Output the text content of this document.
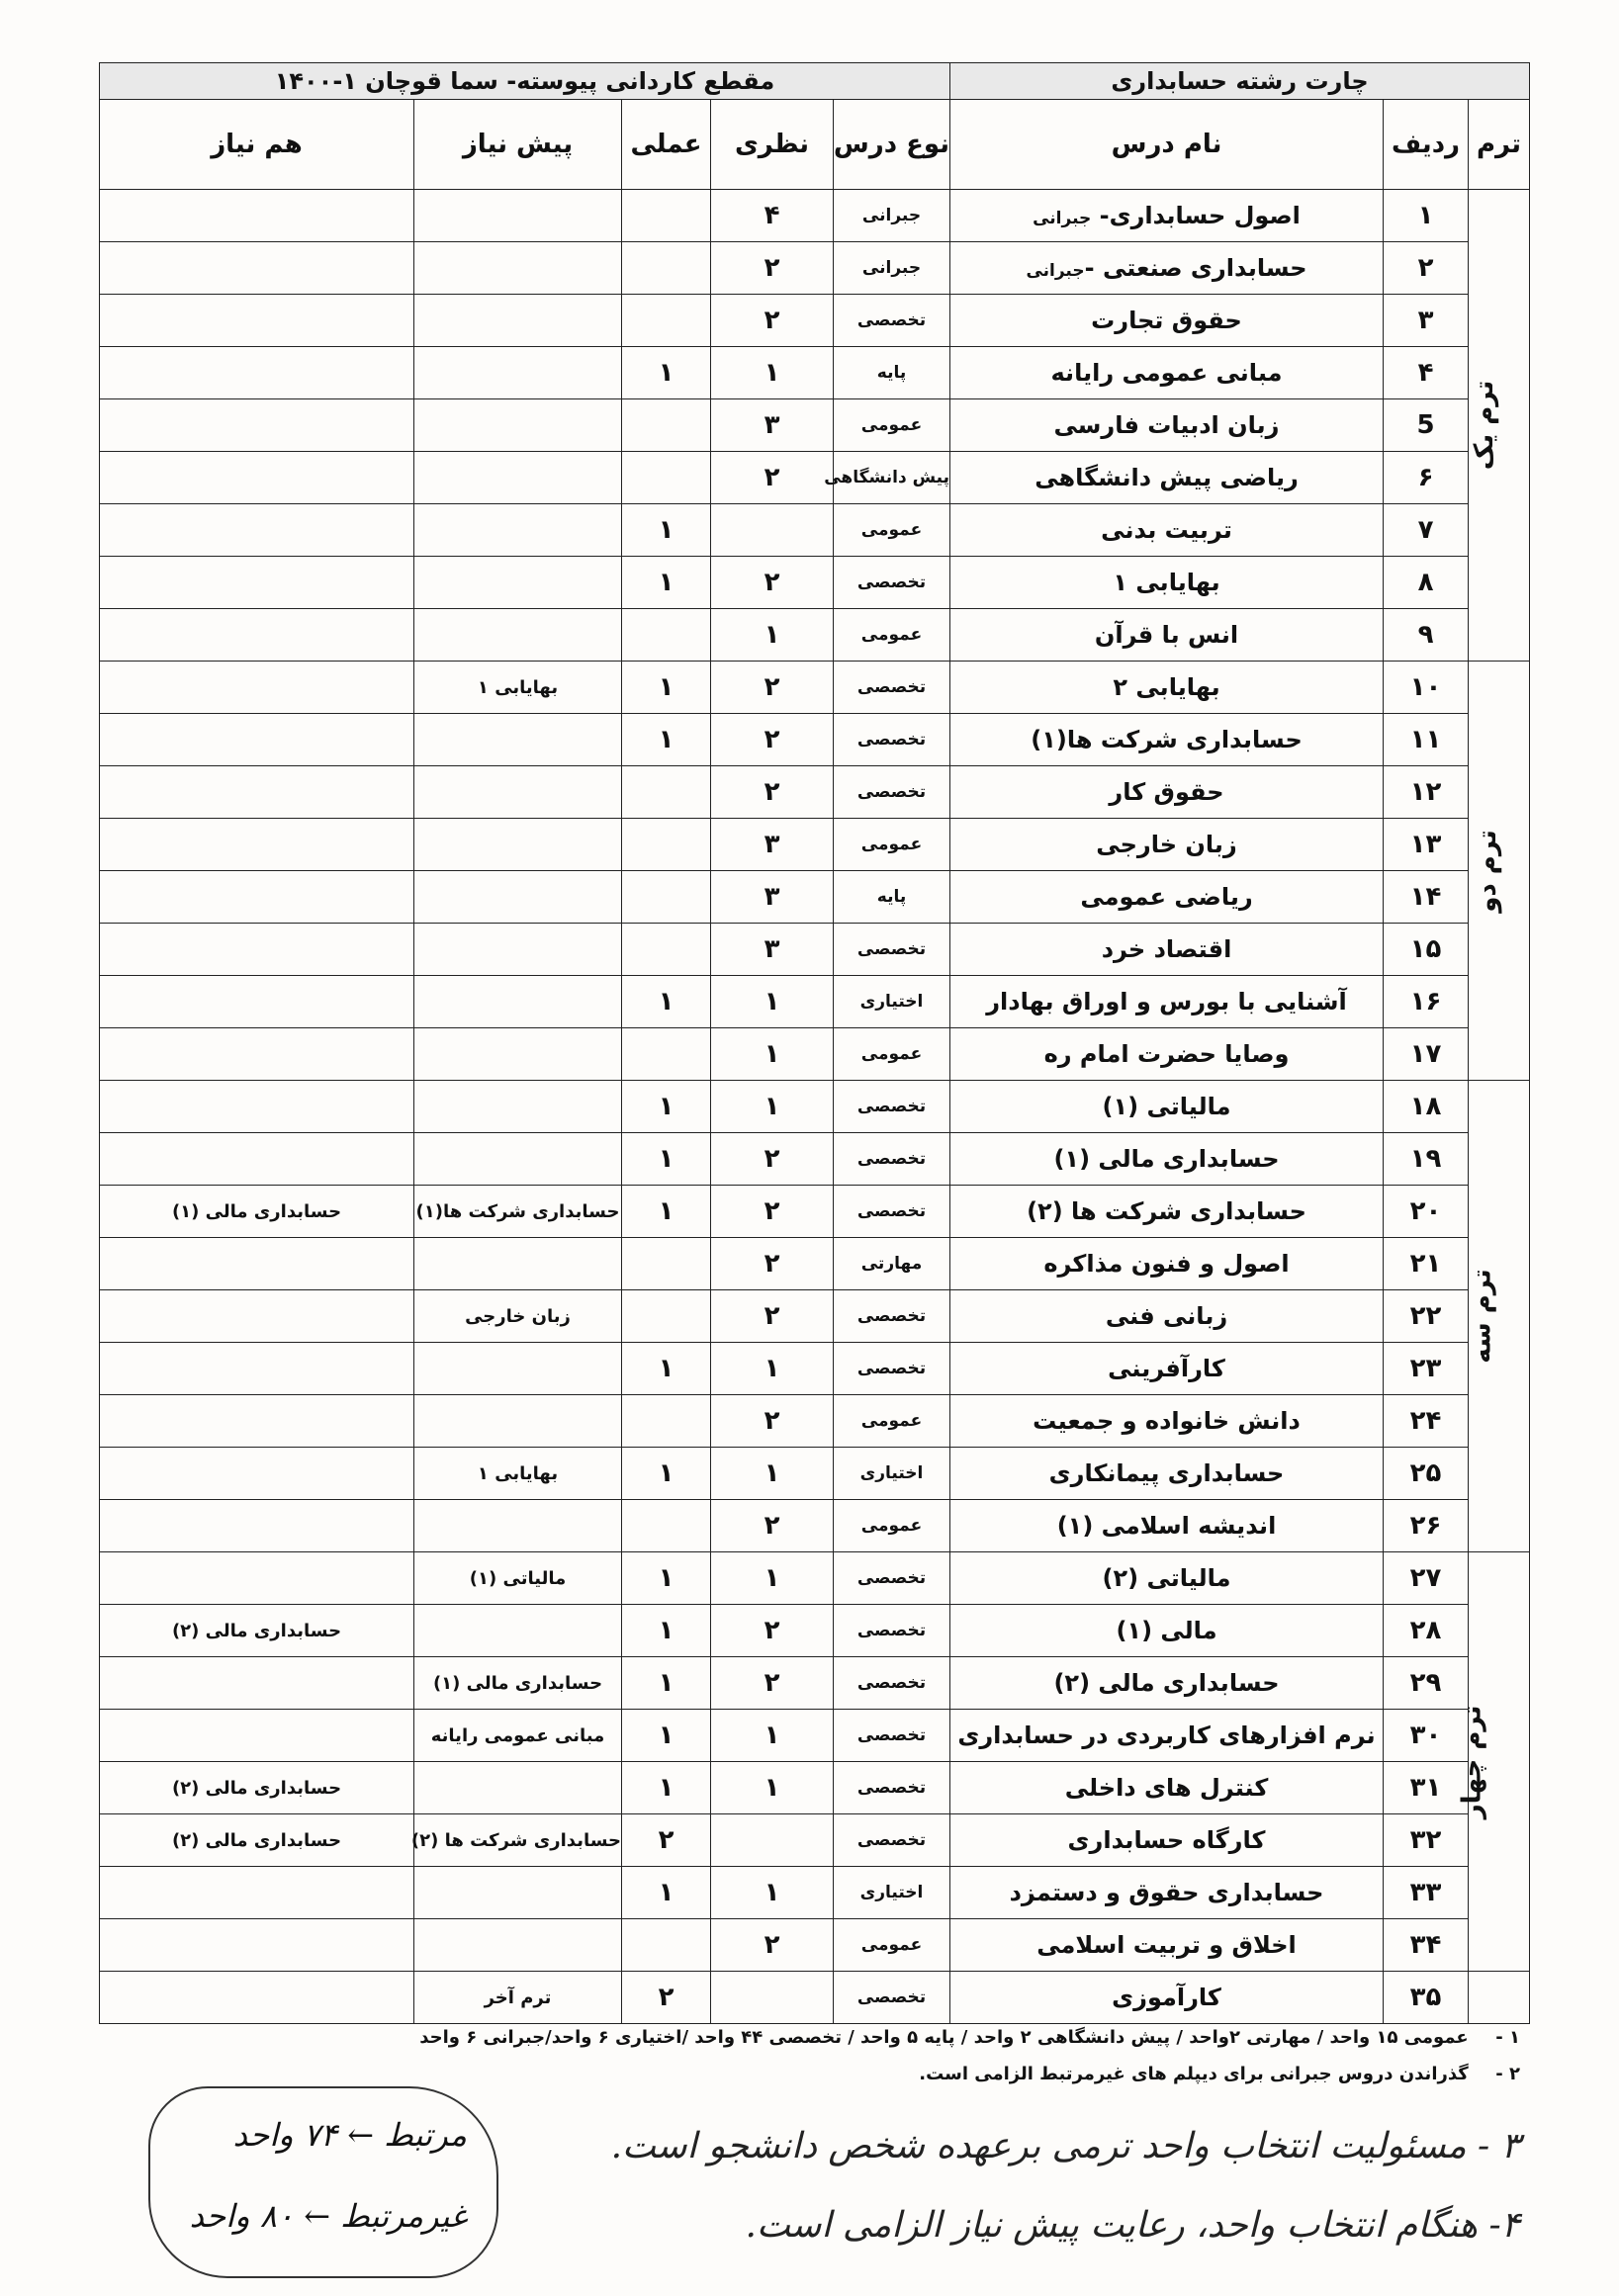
چارت رشته حسابداری			مقطع کاردانی پیوسته- سما قوچان ۱-۱۴۰۰				
ترم	ردیف	نام درس	نوع درس	نظری	عملی	پیش نیاز	هم نیاز
ترم یک	۱	اصول حسابداری- جبرانی	جبرانی	۴			
	۲	حسابداری صنعتی -جبرانی	جبرانی	۲			
	۳	حقوق تجارت	تخصصی	۲			
	۴	مبانی عمومی رایانه	پایه	۱	۱		
	5	زبان ادبیات فارسی	عمومی	۳			
	۶	ریاضی پیش دانشگاهی	پیش دانشگاهی	۲			
	۷	تربیت بدنی	عمومی		۱		
	۸	بهایابی ۱	تخصصی	۲	۱		
	۹	انس با قرآن	عمومی	۱			
ترم دو	۱۰	بهایابی ۲	تخصصی	۲	۱	بهایابی ۱	
	۱۱	حسابداری شرکت ها(۱)	تخصصی	۲	۱		
	۱۲	حقوق کار	تخصصی	۲			
	۱۳	زبان خارجی	عمومی	۳			
	۱۴	ریاضی عمومی	پایه	۳			
	۱۵	اقتصاد خرد	تخصصی	۳			
	۱۶	آشنایی با بورس و اوراق بهادار	اختیاری	۱	۱		
	۱۷	وصایا حضرت امام ره	عمومی	۱			
ترم سه	۱۸	مالیاتی (۱)	تخصصی	۱	۱		
	۱۹	حسابداری مالی (۱)	تخصصی	۲	۱		
	۲۰	حسابداری شرکت ها (۲)	تخصصی	۲	۱	حسابداری شرکت ها(۱)	حسابداری مالی (۱)
	۲۱	اصول و فنون مذاکره	مهارتی	۲			
	۲۲	زبانی فنی	تخصصی	۲		زبان خارجی	
	۲۳	کارآفرینی	تخصصی	۱	۱		
	۲۴	دانش خانواده و جمعیت	عمومی	۲			
	۲۵	حسابداری پیمانکاری	اختیاری	۱	۱	بهایابی ۱	
	۲۶	اندیشه اسلامی (۱)	عمومی	۲			
ترم چهار	۲۷	مالیاتی (۲)	تخصصی	۱	۱	مالیاتی (۱)	
	۲۸	مالی (۱)	تخصصی	۲	۱		حسابداری مالی (۲)
	۲۹	حسابداری مالی (۲)	تخصصی	۲	۱	حسابداری مالی (۱)	
	۳۰	نرم افزارهای کاربردی در حسابداری	تخصصی	۱	۱	مبانی عمومی رایانه	
	۳۱	کنترل های داخلی	تخصصی	۱	۱		حسابداری مالی (۲)
	۳۲	کارگاه حسابداری	تخصصی		۲	حسابداری شرکت ها (۲)	حسابداری مالی (۲)
	۳۳	حسابداری حقوق و دستمزد	اختیاری	۱	۱		
	۳۴	اخلاق و تربیت اسلامی	عمومی	۲			
	۳۵	کارآموزی	تخصصی		۲	ترم آخر	
۱ - عمومی ۱۵ واحد / مهارتی ۲واحد / پیش دانشگاهی ۲ واحد / پایه ۵ واحد / تخصصی ۴۴ واحد /اختیاری ۶ واحد/جبرانی ۶ واحد
۲ - گذراندن دروس جبرانی برای دیپلم های غیرمرتبط الزامی است.
۳ - مسئولیت انتخاب واحد ترمی برعهده شخص دانشجو است.
۴- هنگام انتخاب واحد، رعایت پیش نیاز الزامی است.
مرتبط ← ۷۴ واحد
غیرمرتبط ← ۸۰ واحد
